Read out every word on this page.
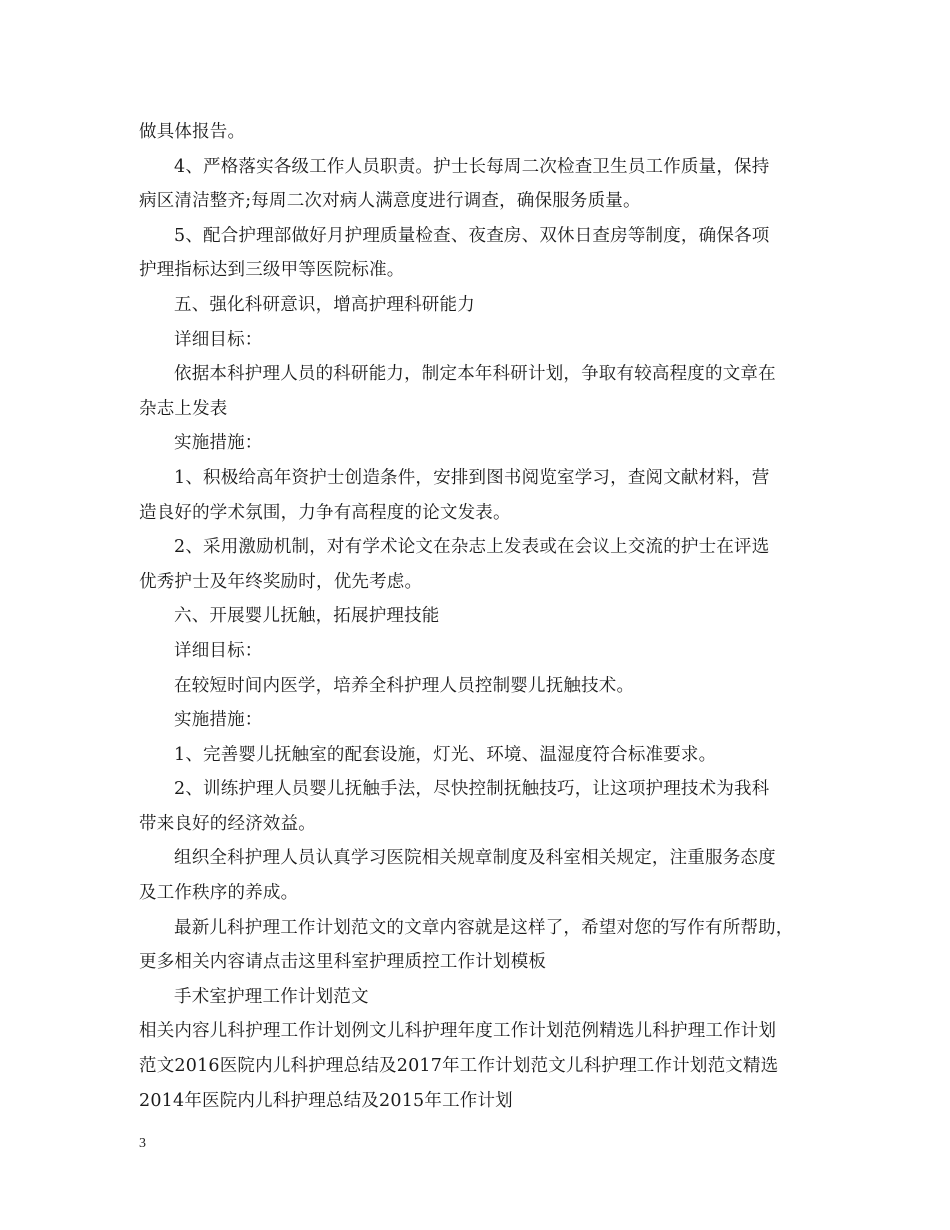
做具体报告。
4、严格落实各级工作人员职责。护士长每周二次检查卫生员工作质量，保持
病区清洁整齐;每周二次对病人满意度进行调查，确保服务质量。
5、配合护理部做好月护理质量检查、夜查房、双休日查房等制度，确保各项
护理指标达到三级甲等医院标准。
五、强化科研意识，增高护理科研能力
详细目标：
依据本科护理人员的科研能力，制定本年科研计划，争取有较高程度的文章在
杂志上发表
实施措施：
1、积极给高年资护士创造条件，安排到图书阅览室学习，查阅文献材料，营
造良好的学术氛围，力争有高程度的论文发表。
2、采用激励机制，对有学术论文在杂志上发表或在会议上交流的护士在评选
优秀护士及年终奖励时，优先考虑。
六、开展婴儿抚触，拓展护理技能
详细目标：
在较短时间内医学，培养全科护理人员控制婴儿抚触技术。
实施措施：
1、完善婴儿抚触室的配套设施，灯光、环境、温湿度符合标准要求。
2、训练护理人员婴儿抚触手法，尽快控制抚触技巧，让这项护理技术为我科
带来良好的经济效益。
组织全科护理人员认真学习医院相关规章制度及科室相关规定，注重服务态度
及工作秩序的养成。
最新儿科护理工作计划范文的文章内容就是这样了，希望对您的写作有所帮助，
更多相关内容请点击这里科室护理质控工作计划模板
手术室护理工作计划范文
相关内容儿科护理工作计划例文儿科护理年度工作计划范例精选儿科护理工作计划
范文2016医院内儿科护理总结及2017年工作计划范文儿科护理工作计划范文精选
2014年医院内儿科护理总结及2015年工作计划
3
